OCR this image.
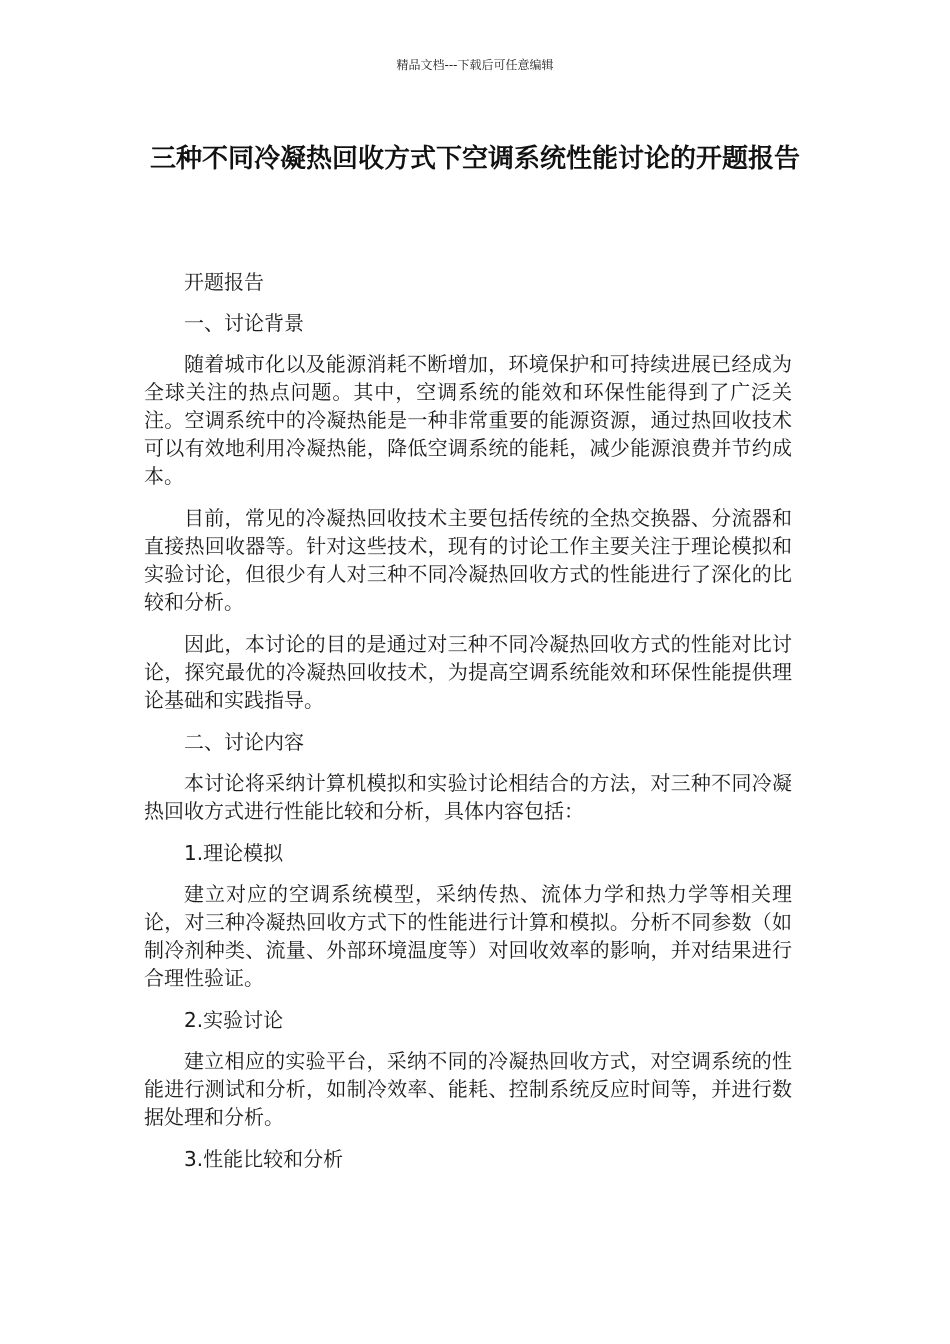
精品文档---下载后可任意编辑
三种不同冷凝热回收方式下空调系统性能讨论的开题报告

开题报告

一、讨论背景

随着城市化以及能源消耗不断增加，环境保护和可持续进展已经成为全球关注的热点问题。其中，空调系统的能效和环保性能得到了广泛关注。空调系统中的冷凝热能是一种非常重要的能源资源，通过热回收技术可以有效地利用冷凝热能，降低空调系统的能耗，减少能源浪费并节约成本。

目前，常见的冷凝热回收技术主要包括传统的全热交换器、分流器和直接热回收器等。针对这些技术，现有的讨论工作主要关注于理论模拟和实验讨论，但很少有人对三种不同冷凝热回收方式的性能进行了深化的比较和分析。

因此，本讨论的目的是通过对三种不同冷凝热回收方式的性能对比讨论，探究最优的冷凝热回收技术，为提高空调系统能效和环保性能提供理论基础和实践指导。

二、讨论内容

本讨论将采纳计算机模拟和实验讨论相结合的方法，对三种不同冷凝热回收方式进行性能比较和分析，具体内容包括：

1.理论模拟

建立对应的空调系统模型，采纳传热、流体力学和热力学等相关理论，对三种冷凝热回收方式下的性能进行计算和模拟。分析不同参数（如制冷剂种类、流量、外部环境温度等）对回收效率的影响，并对结果进行合理性验证。

2.实验讨论

建立相应的实验平台，采纳不同的冷凝热回收方式，对空调系统的性能进行测试和分析，如制冷效率、能耗、控制系统反应时间等，并进行数据处理和分析。

3.性能比较和分析
